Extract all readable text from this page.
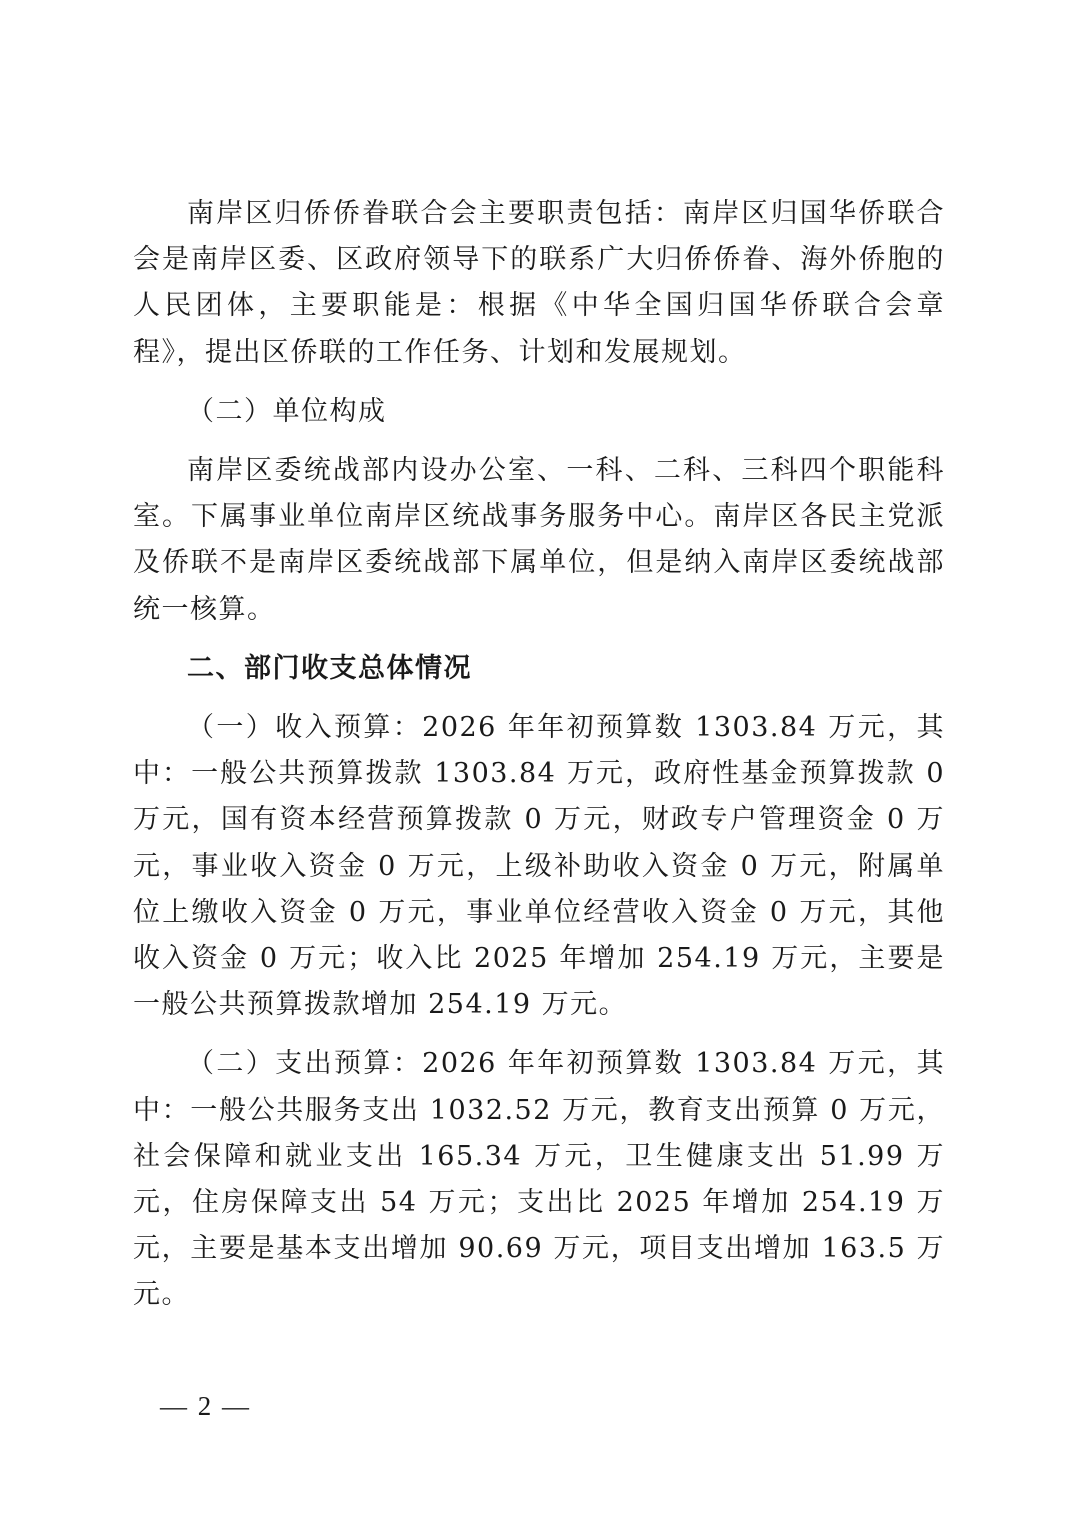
南岸区归侨侨眷联合会主要职责包括：南岸区归国华侨联合会是南岸区委、区政府领导下的联系广大归侨侨眷、海外侨胞的人民团体，主要职能是：根据《中华全国归国华侨联合会章程》，提出区侨联的工作任务、计划和发展规划。

（二）单位构成

南岸区委统战部内设办公室、一科、二科、三科四个职能科室。下属事业单位南岸区统战事务服务中心。南岸区各民主党派及侨联不是南岸区委统战部下属单位，但是纳入南岸区委统战部统一核算。

二、部门收支总体情况

（一）收入预算：2026 年年初预算数 1303.84 万元，其中：一般公共预算拨款 1303.84 万元，政府性基金预算拨款 0 万元，国有资本经营预算拨款 0 万元，财政专户管理资金 0 万元，事业收入资金 0 万元，上级补助收入资金 0 万元，附属单位上缴收入资金 0 万元，事业单位经营收入资金 0 万元，其他收入资金 0 万元；收入比 2025 年增加 254.19 万元，主要是一般公共预算拨款增加 254.19 万元。

（二）支出预算：2026 年年初预算数 1303.84 万元，其中：一般公共服务支出 1032.52 万元，教育支出预算 0 万元，社会保障和就业支出 165.34 万元，卫生健康支出 51.99 万元，住房保障支出 54 万元；支出比 2025 年增加 254.19 万元，主要是基本支出增加 90.69 万元，项目支出增加 163.5 万元。

— 2 —
